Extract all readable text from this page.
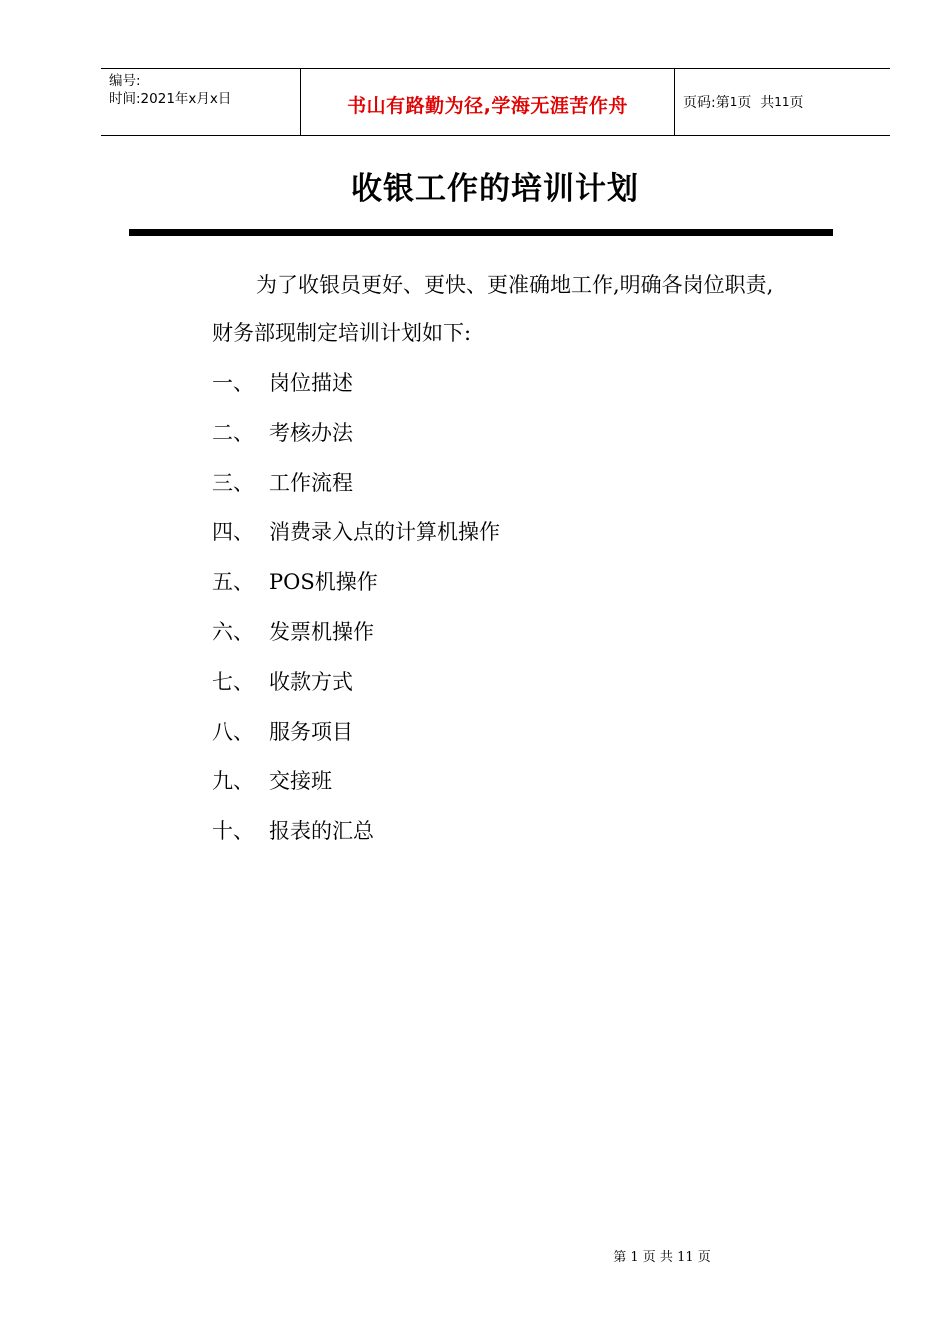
编号:
时间:2021年x月x日	书山有路勤为径,学海无涯苦作舟	页码:第 1 页  共 11 页
收银工作的培训计划
为了收银员更好、更快、更准确地工作,明确各岗位职责,
财务部现制定培训计划如下:
一、 岗位描述
二、 考核办法
三、 工作流程
四、 消费录入点的计算机操作
五、 POS机操作
六、 发票机操作
七、 收款方式
八、 服务项目
九、 交接班
十、 报表的汇总
第 1 页 共 11 页
